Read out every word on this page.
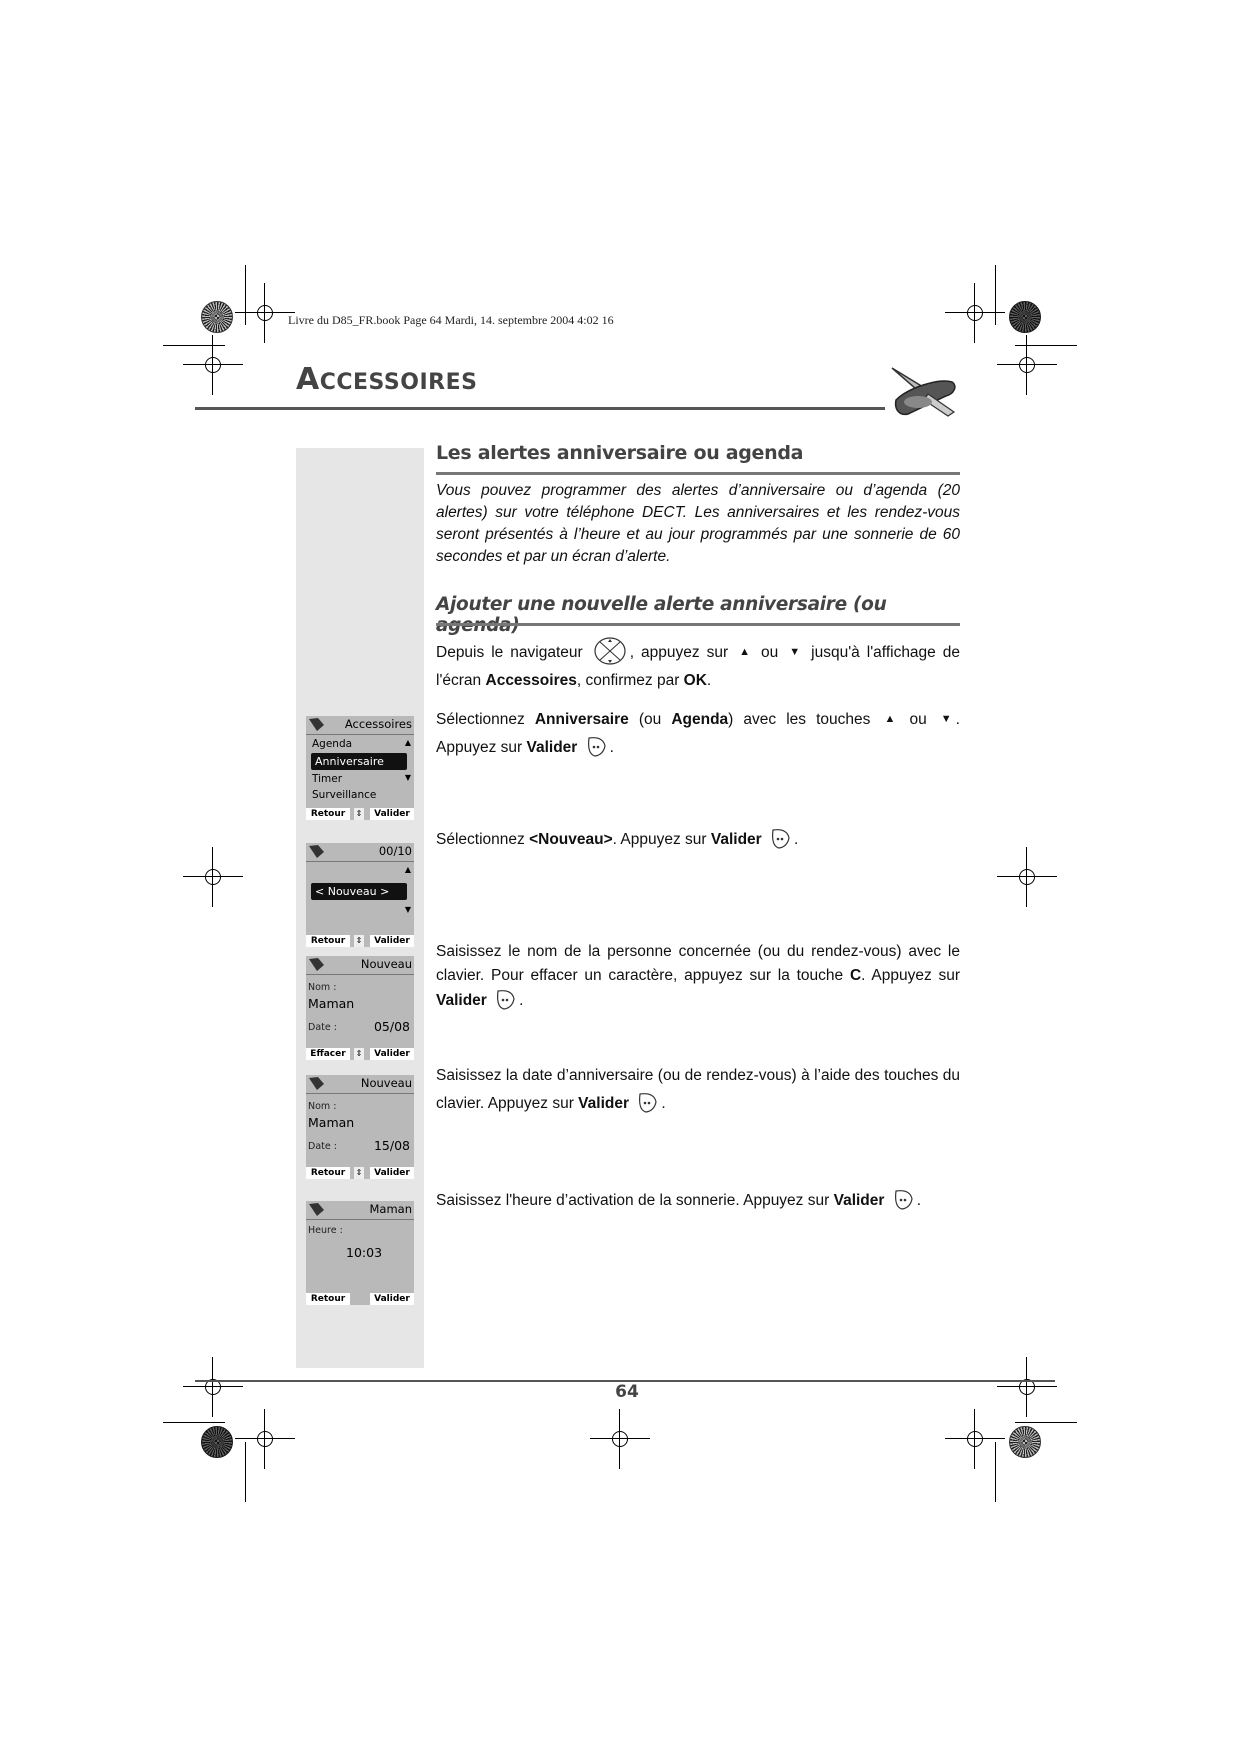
Livre du D85_FR.book Page 64 Mardi, 14. septembre 2004 4:02 16
ACCESSOIRES
Les alertes anniversaire ou agenda
Vous pouvez programmer des alertes d’anniversaire ou d’agenda (20 alertes) sur votre téléphone DECT. Les anniversaires et les rendez-vous seront présentés à l’heure et au jour programmés par une sonnerie de 60 secondes et par un écran d’alerte.
Ajouter une nouvelle alerte anniversaire (ou
Depuis le navigateur	, appuyez sur ▲ ou ▼ jusqu'à l'affichage de l'écran Accessoires, confirmez par OK.
Sélectionnez Anniversaire (ou Agenda) avec les touches ▲ ou ▼ . Appuyez sur Valider .
Sélectionnez <Nouveau>. Appuyez sur Valider .
Saisissez le nom de la personne concernée (ou du rendez-vous) avec le clavier. Pour effacer un caractère, appuyez sur la touche C. Appuyez sur Valider .
Saisissez la date d’anniversaire (ou de rendez-vous) à l’aide des touches du clavier. Appuyez sur Valider .
Saisissez l'heure d’activation de la sonnerie. Appuyez sur Valider .
Accessoires
Agenda
Anniversaire
Timer
Surveillance
▲
▼
Retour	⇕	Valider
00/10
▲
< Nouveau >
▼
Retour	⇕	Valider
Nouveau
Nom :
Maman
Date :	05/08
Effacer	⇕	Valider
Nouveau
Nom :
Maman
Date :	15/08
Retour	⇕	Valider
Maman
Heure :
10:03
Retour	Valider
64
